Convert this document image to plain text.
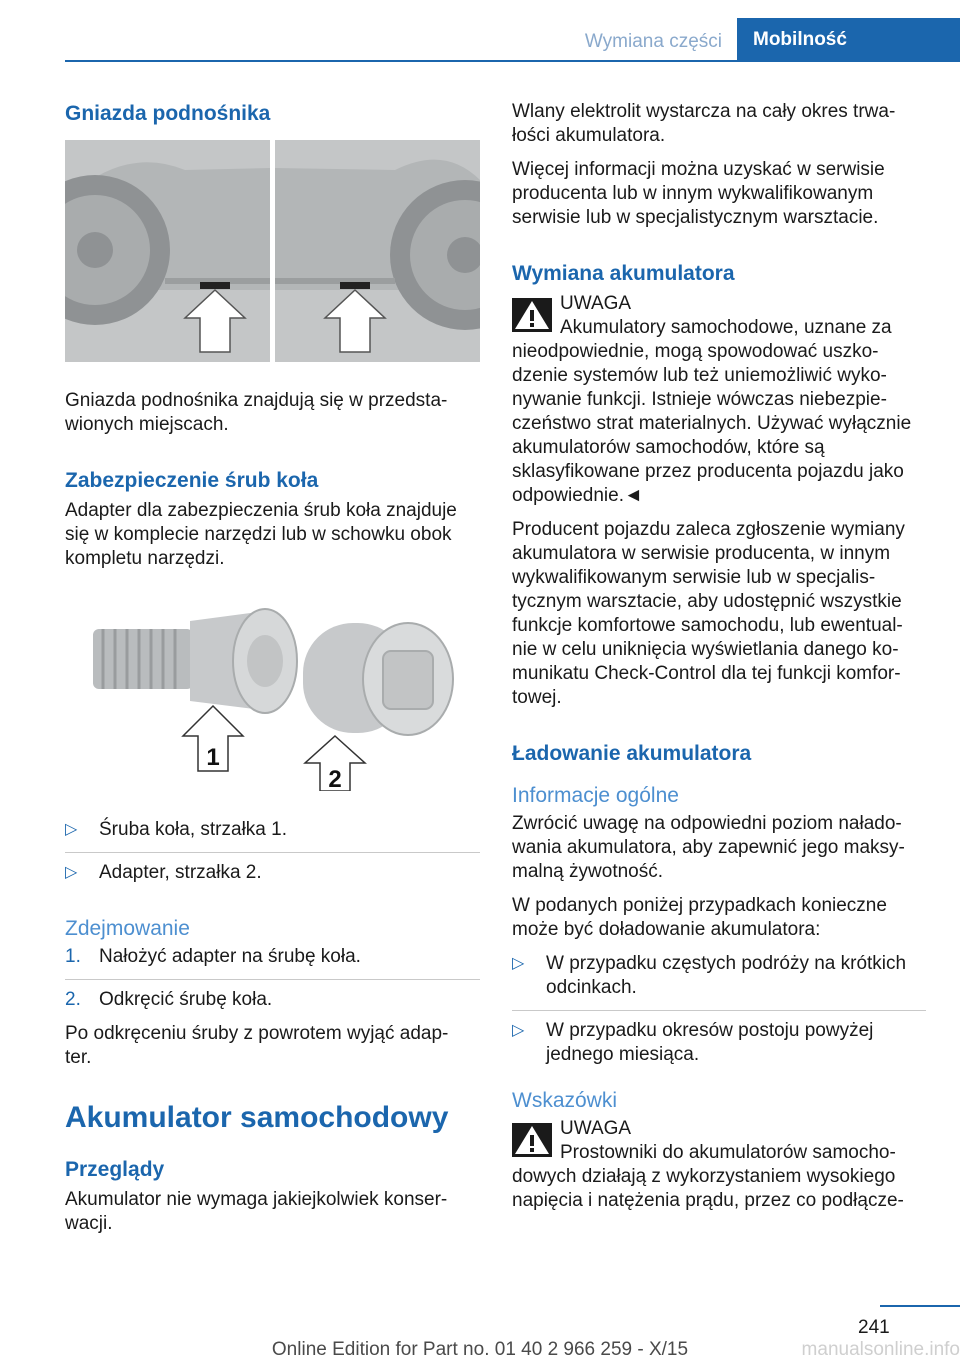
Wymiana części	Mobilność
Gniazda podnośnika

Gniazda podnośnika znajdują się w przedsta- wionych miejscach.

Zabezpieczenie śrub koła

Adapter dla zabezpieczenia śrub koła znajduje się w komplecie narzędzi lub w schowku obok kompletu narzędzi.

1
2
▷ Śruba koła, strzałka 1.
▷ Adapter, strzałka 2.
Zdejmowanie
1. Nałożyć adapter na śrubę koła.
2. Odkręcić śrubę koła.

Po odkręceniu śruby z powrotem wyjąć adap- ter.

Akumulator samochodowy
Przeglądy

Akumulator nie wymaga jakiejkolwiek konser- wacji.

Wlany elektrolit wystarcza na cały okres trwa- łości akumulatora.

Więcej informacji można uzyskać w serwisie producenta lub w innym wykwalifikowanym serwisie lub w specjalistycznym warsztacie.

Wymiana akumulatora
UWAGA
Akumulatory samochodowe, uznane za

nieodpowiednie, mogą spowodować uszko- dzenie systemów lub też uniemożliwić wyko- nywanie funkcji. Istnieje wówczas niebezpie- czeństwo strat materialnych. Używać wyłącznie akumulatorów samochodów, które są sklasyfikowane przez producenta pojazdu jako odpowiednie.◄

Producent pojazdu zaleca zgłoszenie wymiany akumulatora w serwisie producenta, w innym wykwalifikowanym serwisie lub w specjalis- tycznym warsztacie, aby udostępnić wszystkie funkcje komfortowe samochodu, lub ewentual- nie w celu uniknięcia wyświetlania danego ko- munikatu Check-Control dla tej funkcji komfor- towej.

Ładowanie akumulatora
Informacje ogólne

Zwrócić uwagę na odpowiedni poziom nałado- wania akumulatora, aby zapewnić jego maksy- malną żywotność.

W podanych poniżej przypadkach konieczne może być doładowanie akumulatora:

▷ W przypadku częstych podróży na krótkich odcinkach.
▷ W przypadku okresów postoju powyżej jednego miesiąca.
Wskazówki
UWAGA
Prostowniki do akumulatorów samocho-

dowych działają z wykorzystaniem wysokiego napięcia i natężenia prądu, przez co podłącze-

241
Online Edition for Part no. 01 40 2 966 259 - X/15	manualsonline.info
